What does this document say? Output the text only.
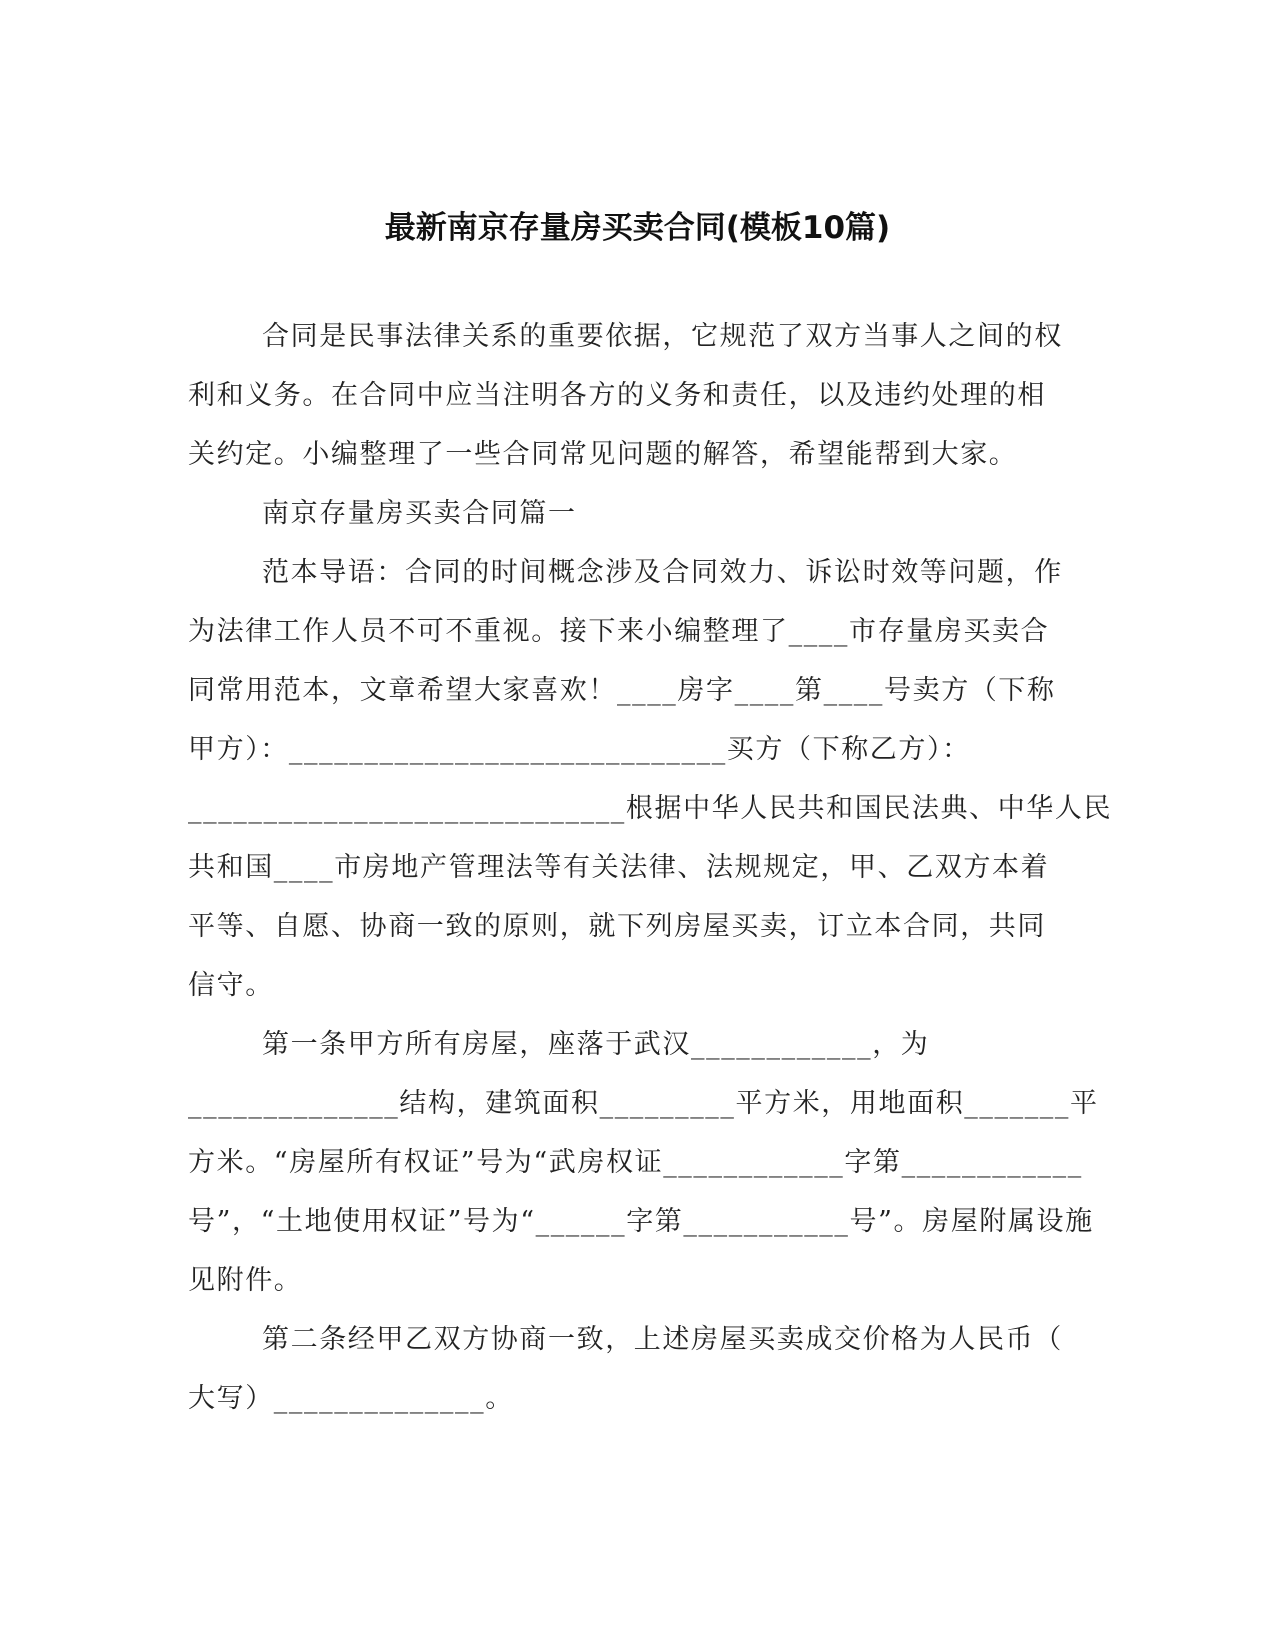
最新南京存量房买卖合同(模板10篇)
合同是民事法律关系的重要依据，它规范了双方当事人之间的权
利和义务。在合同中应当注明各方的义务和责任，以及违约处理的相
关约定。小编整理了一些合同常见问题的解答，希望能帮到大家。
南京存量房买卖合同篇一
范本导语：合同的时间概念涉及合同效力、诉讼时效等问题，作
为法律工作人员不可不重视。接下来小编整理了____市存量房买卖合
同常用范本，文章希望大家喜欢！____房字____第____号卖方（下称
甲方）：_____________________________买方（下称乙方）：
_____________________________根据中华人民共和国民法典、中华人民
共和国____市房地产管理法等有关法律、法规规定，甲、乙双方本着
平等、自愿、协商一致的原则，就下列房屋买卖，订立本合同，共同
信守。
第一条甲方所有房屋，座落于武汉____________，为
______________结构，建筑面积_________平方米，用地面积_______平
方米。“房屋所有权证”号为“武房权证____________字第____________
号”，“土地使用权证”号为“______字第___________号”。房屋附属设施
见附件。
第二条经甲乙双方协商一致，上述房屋买卖成交价格为人民币（
大写）______________。
